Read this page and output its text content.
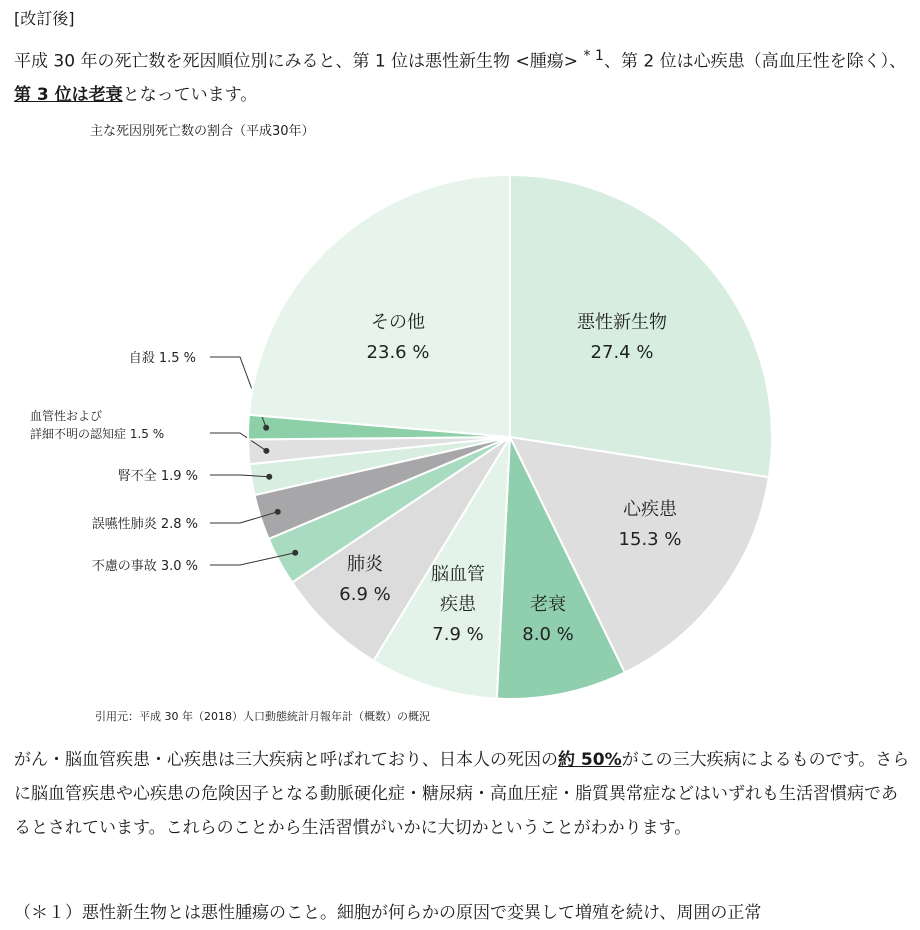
[改訂後]

平成 30 年の死亡数を死因順位別にみると、第 1 位は悪性新生物 <腫瘍> $^{* 1}$、第 2 位は心疾患（高血圧性を除く）、第 3 位は老衰となっています。

主な死因別死亡数の割合（平成30年）
悪性新生物
27.4 %
心疾患
15.3 %
老衰
8.0 %
脳血管
疾患
7.9 %
肺炎
6.9 %
不慮の事故 3.0 %
誤嚥性肺炎 2.8 %
腎不全 1.9 %
血管性および
詳細不明の認知症 1.5 %
自殺 1.5 %
その他
23.6 %
引用元：平成 30 年（2018）人口動態統計月報年計（概数）の概況

がん・脳血管疾患・心疾患は三大疾病と呼ばれており、日本人の死因の約 50%がこの三大疾病によるものです。さらに脳血管疾患や心疾患の危険因子となる動脈硬化症・糖尿病・高血圧症・脂質異常症などはいずれも生活習慣病であるとされています。これらのことから生活習慣がいかに大切かということがわかります。

（＊１）悪性新生物とは悪性腫瘍のこと。細胞が何らかの原因で変異して増殖を続け、周囲の正常
